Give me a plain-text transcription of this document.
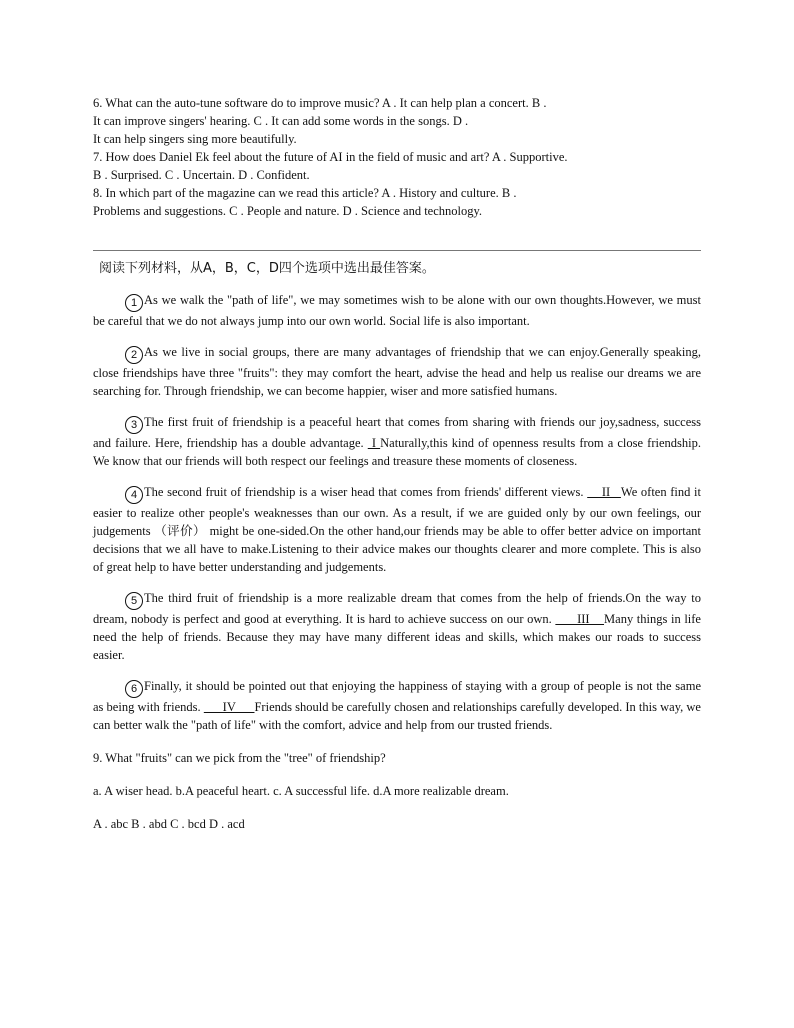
6. What can the auto-tune software do to improve music? A . It can help plan a concert. B .
It can improve singers' hearing. C . It can add some words in the songs. D .
It can help singers sing more beautifully.

7. How does Daniel Ek feel about the future of AI in the field of music and art? A . Supportive.
B . Surprised. C . Uncertain. D . Confident.

8. In which part of the magazine can we read this article? A . History and culture. B .
Problems and suggestions. C . People and nature. D . Science and technology.

阅读下列材料，从A，B，C，D四个选项中选出最佳答案。

1 As we walk the "path of life", we may sometimes wish to be alone with our own thoughts.However, we must be careful that we do not always jump into our own world. Social life is also important.

2 As we live in social groups, there are many advantages of friendship that we can enjoy.Generally speaking, close friendships have three "fruits": they may comfort the heart, advise the head and help us realise our dreams we are searching for. Through friendship, we can become happier, wiser and more satisfied humans.

3 The first fruit of friendship is a peaceful heart that comes from sharing with friends our joy,sadness, success and failure. Here, friendship has a double advantage.  I Naturally,this kind of openness results from a close friendship. We know that our friends will both respect our feelings and treasure these moments of closeness.

4 The second fruit of friendship is a wiser head that comes from friends' different views.     II   We often find it easier to realize other people's weaknesses than our own. As a result, if we are guided only by our own feelings, our judgements （评价） might be one-sided.On the other hand,our friends may be able to offer better advice on important decisions that we all have to make.Listening to their advice makes our thoughts clearer and more complete. This is also of great help to have better understanding and judgements.

5 The third fruit of friendship is a more realizable dream that comes from the help of friends.On the way to dream, nobody is perfect and good at everything. It is hard to achieve success on our own.       III    Many things in life need the help of friends. Because they may have many different ideas and skills, which makes our roads to success easier.

6 Finally, it should be pointed out that enjoying the happiness of staying with a group of people is not the same as being with friends.       IV      Friends should be carefully chosen and relationships carefully developed. In this way, we can better walk the "path of life" with the comfort, advice and help from our trusted friends.

9. What "fruits" can we pick from the "tree" of friendship?

a. A wiser head. b.A peaceful heart. c. A successful life. d.A more realizable dream.

A . abc B . abd C . bcd D . acd
